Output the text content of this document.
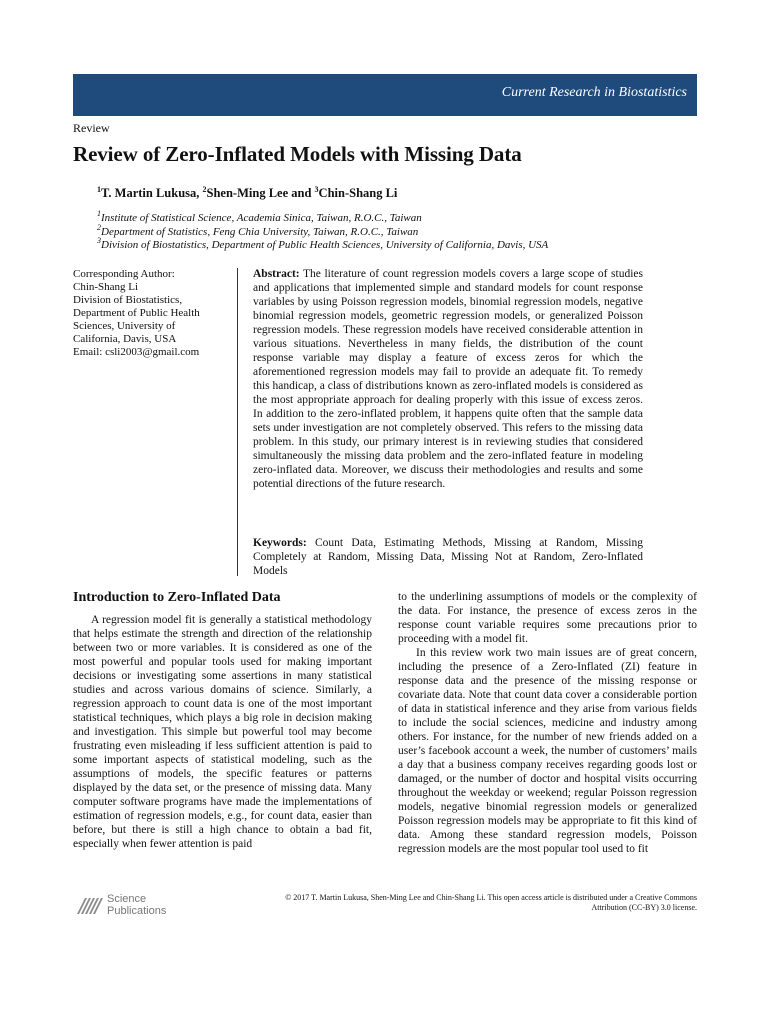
Current Research in Biostatistics
Review
Review of Zero-Inflated Models with Missing Data
$^1$T. Martin Lukusa, $^2$Shen-Ming Lee and $^3$Chin-Shang Li
$^1$Institute of Statistical Science, Academia Sinica, Taiwan, R.O.C., Taiwan
$^2$Department of Statistics, Feng Chia University, Taiwan, R.O.C., Taiwan
$^3$Division of Biostatistics, Department of Public Health Sciences, University of California, Davis, USA
Corresponding Author:
Chin-Shang Li
Division of Biostatistics,
Department of Public Health
Sciences, University of
California, Davis, USA
Email: csli2003@gmail.com
Abstract: The literature of count regression models covers a large scope of studies and applications that implemented simple and standard models for count response variables by using Poisson regression models, binomial regression models, negative binomial regression models, geometric regression models, or generalized Poisson regression models. These regression models have received considerable attention in various situations. Nevertheless in many fields, the distribution of the count response variable may display a feature of excess zeros for which the aforementioned regression models may fail to provide an adequate fit. To remedy this handicap, a class of distributions known as zero-inflated models is considered as the most appropriate approach for dealing properly with this issue of excess zeros. In addition to the zero-inflated problem, it happens quite often that the sample data sets under investigation are not completely observed. This refers to the missing data problem. In this study, our primary interest is in reviewing studies that considered simultaneously the missing data problem and the zero-inflated feature in modeling zero-inflated data. Moreover, we discuss their methodologies and results and some potential directions of the future research.
Keywords: Count Data, Estimating Methods, Missing at Random, Missing Completely at Random, Missing Data, Missing Not at Random, Zero-Inflated Models
Introduction to Zero-Inflated Data

A regression model fit is generally a statistical methodology that helps estimate the strength and direction of the relationship between two or more variables. It is considered as one of the most powerful and popular tools used for making important decisions or investigating some assertions in many statistical studies and across various domains of science. Similarly, a regression approach to count data is one of the most important statistical techniques, which plays a big role in decision making and investigation. This simple but powerful tool may become frustrating even misleading if less sufficient attention is paid to some important aspects of statistical modeling, such as the assumptions of models, the specific features or patterns displayed by the data set, or the presence of missing data. Many computer software programs have made the implementations of estimation of regression models, e.g., for count data, easier than before, but there is still a high chance to obtain a bad fit, especially when fewer attention is paid

to the underlining assumptions of models or the complexity of the data. For instance, the presence of excess zeros in the response count variable requires some precautions prior to proceeding with a model fit.

In this review work two main issues are of great concern, including the presence of a Zero-Inflated (ZI) feature in response data and the presence of the missing response or covariate data. Note that count data cover a considerable portion of data in statistical inference and they arise from various fields to include the social sciences, medicine and industry among others. For instance, for the number of new friends added on a user’s facebook account a week, the number of customers’ mails a day that a business company receives regarding goods lost or damaged, or the number of doctor and hospital visits occurring throughout the weekday or weekend; regular Poisson regression models, negative binomial regression models or generalized Poisson regression models may be appropriate to fit this kind of data. Among these standard regression models, Poisson regression models are the most popular tool used to fit

Science
Publications
© 2017 T. Martin Lukusa, Shen-Ming Lee and Chin-Shang Li. This open access article is distributed under a Creative Commons Attribution (CC-BY) 3.0 license.
